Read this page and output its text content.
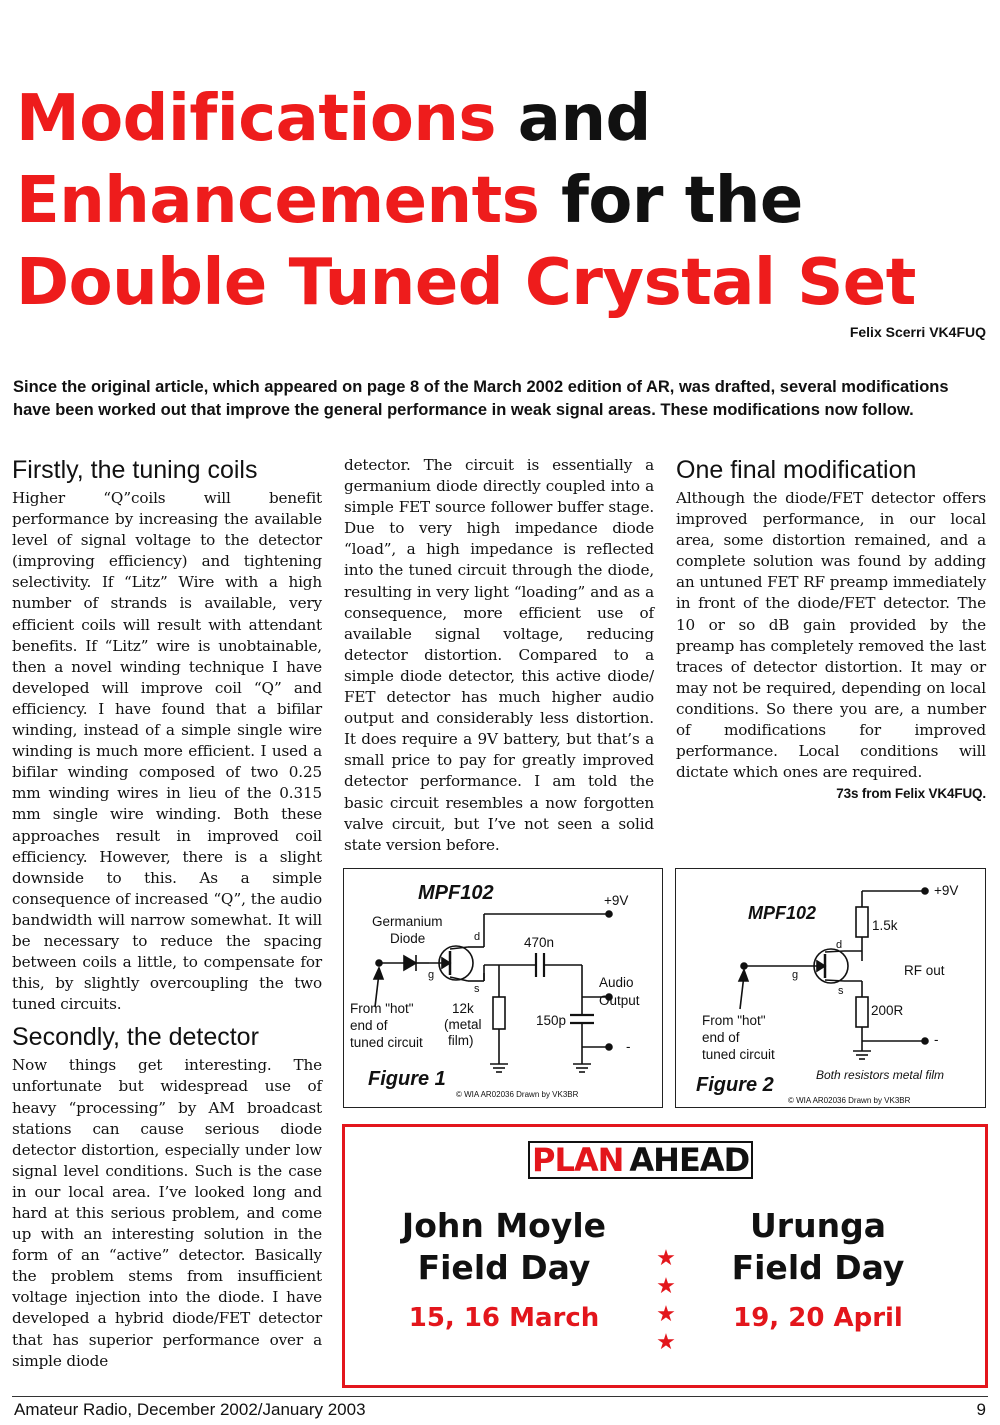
Modifications and
Enhancements for the
Double Tuned Crystal Set
Felix Scerri VK4FUQ
Since the original article, which appeared on page 8 of the March 2002 edition of AR, was drafted, several modifications have been worked out that improve the general performance in weak signal areas. These modifications now follow.
Firstly, the tuning coils

Higher “Q”coils will benefit performance by increasing the available level of signal voltage to the detector (improving efficiency) and tightening selectivity. If “Litz” Wire with a high number of strands is available, very efficient coils will result with attendant benefits. If “Litz” wire is unobtainable, then a novel winding technique I have developed will improve coil “Q” and efficiency. I have found that a bifilar winding, instead of a simple single wire winding is much more efficient. I used a bifilar winding composed of two 0.25 mm winding wires in lieu of the 0.315 mm single wire winding. Both these approaches result in improved coil efficiency. However, there is a slight downside to this. As a simple consequence of increased “Q”, the audio bandwidth will narrow somewhat. It will be necessary to reduce the spacing between coils a little, to compensate for this, by slightly overcoupling the two tuned circuits.

Secondly, the detector

Now things get interesting. The unfortunate but widespread use of heavy “processing” by AM broadcast stations can cause serious diode detector distortion, especially under low signal level conditions. Such is the case in our local area. I’ve looked long and hard at this serious problem, and come up with an interesting solution in the form of an “active” detector. Basically the problem stems from insufficient voltage injection into the diode. I have developed a hybrid diode/FET detector that has superior performance over a simple diode

detector. The circuit is essentially a germanium diode directly coupled into a simple FET source follower buffer stage. Due to very high impedance diode “load”, a high impedance is reflected into the tuned circuit through the diode, resulting in very light “loading” and as a consequence, more efficient use of available signal voltage, reducing detector distortion. Compared to a simple diode detector, this active diode/ FET detector has much higher audio output and considerably less distortion. It does require a 9V battery, but that’s a small price to pay for greatly improved detector performance. I am told the basic circuit resembles a now forgotten valve circuit, but I’ve not seen a solid state version before.

One final modification

Although the diode/FET detector offers improved performance, in our local area, some distortion remained, and a complete solution was found by adding an untuned FET RF preamp immediately in front of the diode/FET detector. The 10 or so dB gain provided by the preamp has completely removed the last traces of detector distortion. It may or may not be required, depending on local conditions. So there you are, a number of modifications for improved performance. Local conditions will dictate which ones are required.

73s from Felix VK4FUQ.
MPF102	+9V
Germanium
Diode	d
g
s
470n
12k
(metal
film)
150p
Audio
Output
-
From "hot"
end of
tuned circuit
Figure 1
© WIA AR02036 Drawn by VK3BR
MPF102
+9V
1.5k
d
g
s
RF out
200R
-
From "hot"
end of
tuned circuit
Both resistors metal film
Figure 2
© WIA AR02036 Drawn by VK3BR
PLAN AHEAD
John Moyle
Field Day
15, 16 March
★
★
★
★
Urunga
Field Day
19, 20 April
Amateur Radio, December 2002/January 2003	9
